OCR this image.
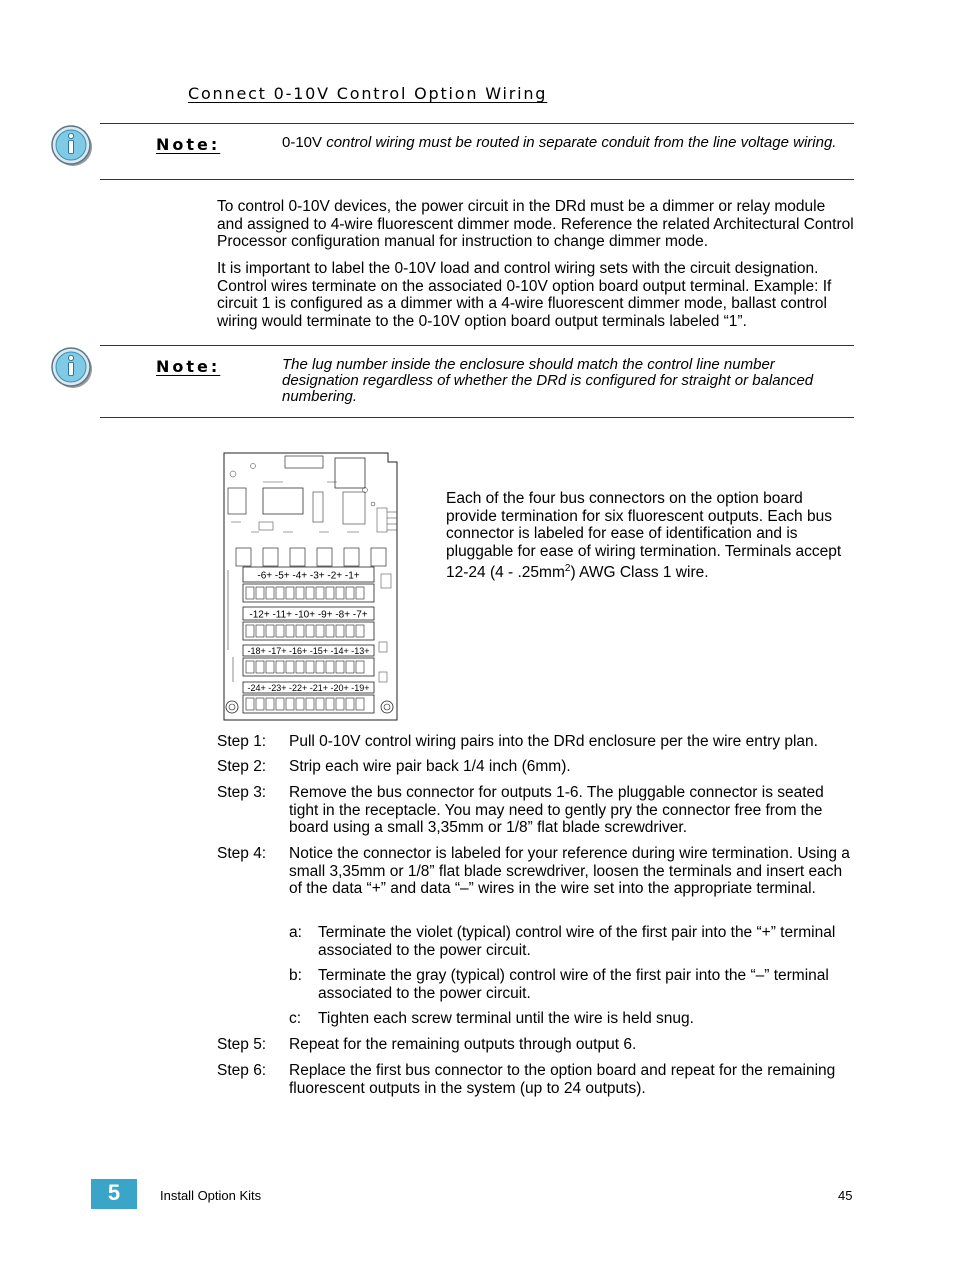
Connect 0-10V Control Option Wiring
Note:	0-10V control wiring must be routed in separate conduit from the line voltage wiring.
To control 0-10V devices, the power circuit in the DRd must be a dimmer or relay module and assigned to 4-wire fluorescent dimmer mode. Reference the related Architectural Control Processor configuration manual for instruction to change dimmer mode.
It is important to label the 0-10V load and control wiring sets with the circuit designation. Control wires terminate on the associated 0-10V option board output terminal. Example: If circuit 1 is configured as a dimmer with a 4-wire fluorescent dimmer mode, ballast control wiring would terminate to the 0-10V option board output terminals labeled “1”.
Note:	The lug number inside the enclosure should match the control line number designation regardless of whether the DRd is configured for straight or balanced numbering.
-6+ -5+ -4+ -3+ -2+ -1+
-12+ -11+ -10+ -9+ -8+ -7+
-18+ -17+ -16+ -15+ -14+ -13+
-24+ -23+ -22+ -21+ -20+ -19+
Each of the four bus connectors on the option board provide termination for six fluorescent outputs. Each bus connector is labeled for ease of identification and is pluggable for ease of wiring termination. Terminals accept 12-24 $(4 - .25mm^2)$ AWG Class 1 wire.
Step 1: Pull 0-10V control wiring pairs into the DRd enclosure per the wire entry plan.
Step 2: Strip each wire pair back 1/4 inch (6mm).
Step 3: Remove the bus connector for outputs 1-6. The pluggable connector is seated tight in the receptacle. You may need to gently pry the connector free from the board using a small 3,35mm or 1/8” flat blade screwdriver.
Step 4: Notice the connector is labeled for your reference during wire termination. Using a small 3,35mm or 1/8” flat blade screwdriver, loosen the terminals and insert each of the data “+” and data “–” wires in the wire set into the appropriate terminal.
a: Terminate the violet (typical) control wire of the first pair into the “+” terminal associated to the power circuit.
b: Terminate the gray (typical) control wire of the first pair into the “–” terminal associated to the power circuit.
c: Tighten each screw terminal until the wire is held snug.
Step 5: Repeat for the remaining outputs through output 6.
Step 6: Replace the first bus connector to the option board and repeat for the remaining fluorescent outputs in the system (up to 24 outputs).
5	Install Option Kits	45
